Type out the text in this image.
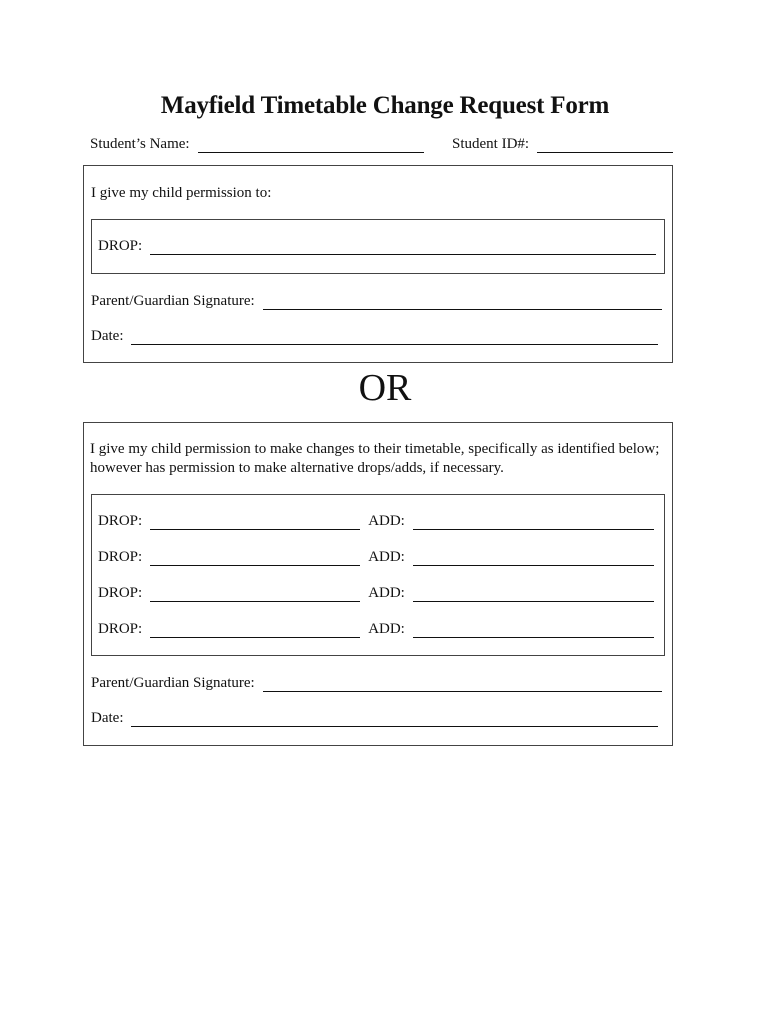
Mayfield Timetable Change Request Form
Student’s Name:	Student ID#:
I give my child permission to:
DROP:
Parent/Guardian Signature:
Date:
OR
I give my child permission to make changes to their timetable, specifically as identified below;
however has permission to make alternative drops/adds, if necessary.
DROP:	ADD:
DROP:	ADD:
DROP:	ADD:
DROP:	ADD:
Parent/Guardian Signature:
Date:
